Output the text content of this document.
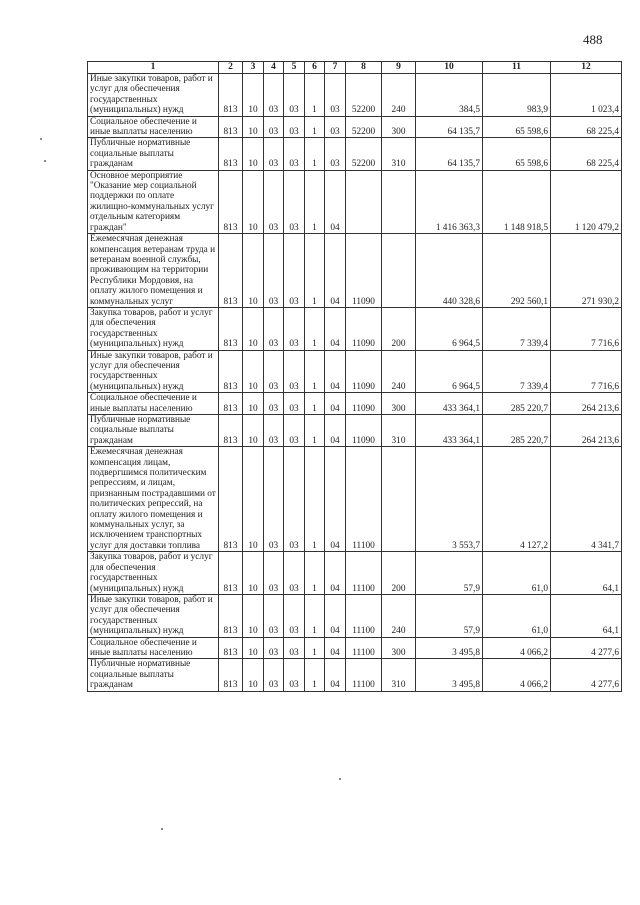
488
1	2	3	4	5	6	7	8	9	10	11	12
Иные закупки товаров, работ и услуг для обеспечения государственных (муниципальных) нужд	813	10	03	03	1	03	52200	240	384,5	983,9	1 023,4
Социальное обеспечение и иные выплаты населению	813	10	03	03	1	03	52200	300	64 135,7	65 598,6	68 225,4
Публичные нормативные социальные выплаты гражданам	813	10	03	03	1	03	52200	310	64 135,7	65 598,6	68 225,4
Основное мероприятие "Оказание мер социальной поддержки по оплате жилищно-коммунальных услуг отдельным категориям граждан"	813	10	03	03	1	04			1 416 363,3	1 148 918,5	1 120 479,2
Ежемесячная денежная компенсация ветеранам труда и ветеранам военной службы, проживающим на территории Республики Мордовия, на оплату жилого помещения и коммунальных услуг	813	10	03	03	1	04	11090		440 328,6	292 560,1	271 930,2
Закупка товаров, работ и услуг для обеспечения государственных (муниципальных) нужд	813	10	03	03	1	04	11090	200	6 964,5	7 339,4	7 716,6
Иные закупки товаров, работ и услуг для обеспечения государственных (муниципальных) нужд	813	10	03	03	1	04	11090	240	6 964,5	7 339,4	7 716,6
Социальное обеспечение и иные выплаты населению	813	10	03	03	1	04	11090	300	433 364,1	285 220,7	264 213,6
Публичные нормативные социальные выплаты гражданам	813	10	03	03	1	04	11090	310	433 364,1	285 220,7	264 213,6
Ежемесячная денежная компенсация лицам, подвергшимся политическим репрессиям, и лицам, признанным пострадавшими от политических репрессий, на оплату жилого помещения и коммунальных услуг, за исключением транспортных услуг для доставки топлива	813	10	03	03	1	04	11100		3 553,7	4 127,2	4 341,7
Закупка товаров, работ и услуг для обеспечения государственных (муниципальных) нужд	813	10	03	03	1	04	11100	200	57,9	61,0	64,1
Иные закупки товаров, работ и услуг для обеспечения государственных (муниципальных) нужд	813	10	03	03	1	04	11100	240	57,9	61,0	64,1
Социальное обеспечение и иные выплаты населению	813	10	03	03	1	04	11100	300	3 495,8	4 066,2	4 277,6
Публичные нормативные социальные выплаты гражданам	813	10	03	03	1	04	11100	310	3 495,8	4 066,2	4 277,6
